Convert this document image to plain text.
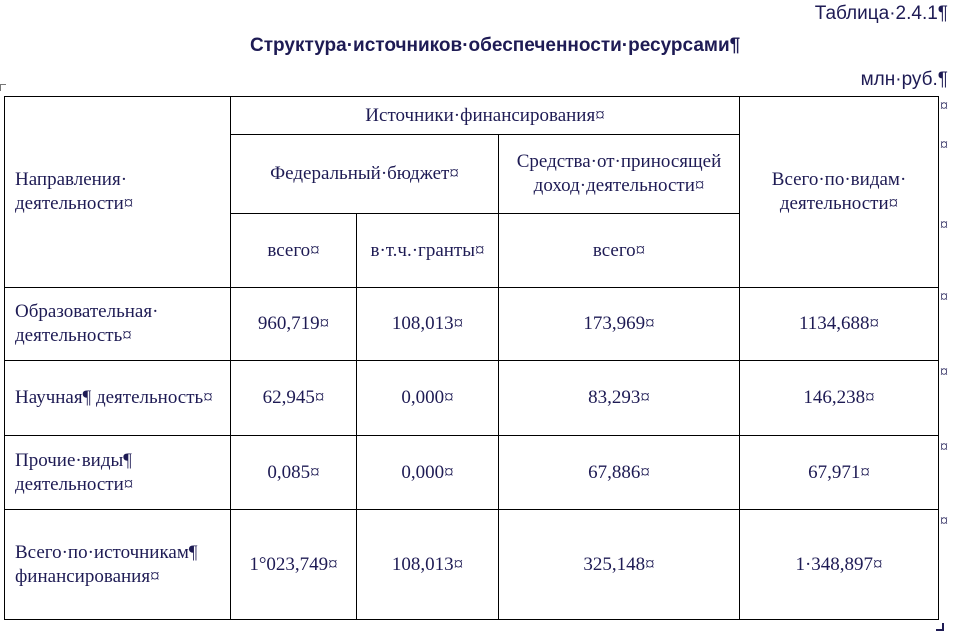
Таблица·2.4.1¶
Структура·источников·обеспеченности·ресурсами¶
млн·руб.¶
Направления· деятельности¤	Источники·финансирования¤			Всего·по·видам· деятельности¤
	Федеральный·бюджет¤		Средства·от·приносящей доход·деятельности¤	
	всего¤	в·т.ч.·гранты¤	всего¤	
Образовательная· деятельность¤	960,719¤	108,013¤	173,969¤	1134,688¤
Научная¶ деятельность¤	62,945¤	0,000¤	83,293¤	146,238¤
Прочие·виды¶ деятельности¤	0,085¤	0,000¤	67,886¤	67,971¤
Всего·по·источникам¶ финансирования¤	1°023,749¤	108,013¤	325,148¤	1·348,897¤
¤
¤
¤
¤
¤
¤
¤
